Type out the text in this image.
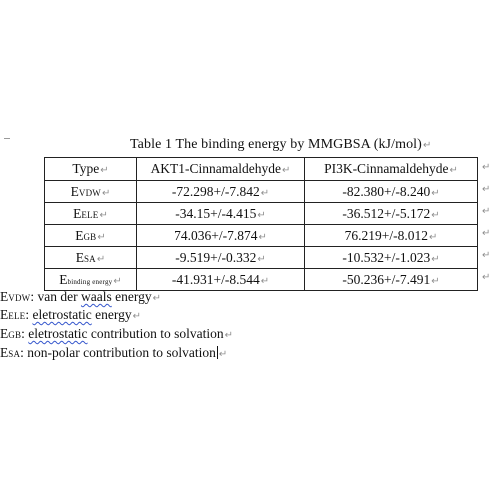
Table 1 The binding energy by MMGBSA (kJ/mol)↵
Type↵	AKT1-Cinnamaldehyde↵	PI3K-Cinnamaldehyde↵
EVDW↵	-72.298+/-7.842↵	-82.380+/-8.240↵
EELE↵	-34.15+/-4.415↵	-36.512+/-5.172↵
EGB↵	74.036+/-7.874↵	76.219+/-8.012↵
ESA↵	-9.519+/-0.332↵	-10.532+/-1.023↵
Ebinding energy↵	-41.931+/-8.544↵	-50.236+/-7.491↵
↵
↵
↵
↵
↵
↵
EVDW: van der waals energy↵
EELE: eletrostatic energy↵
EGB: eletrostatic contribution to solvation↵
ESA: non-polar contribution to solvation ↵
